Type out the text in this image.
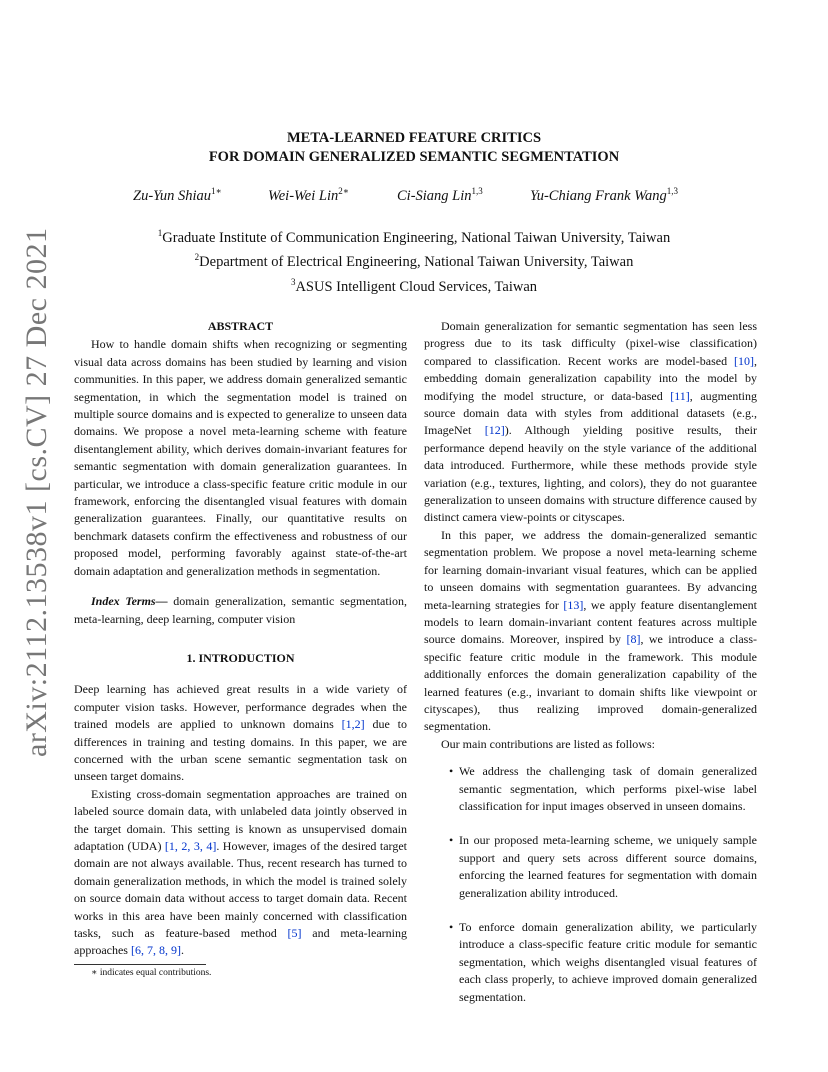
arXiv:2112.13538v1 [cs.CV] 27 Dec 2021
META-LEARNED FEATURE CRITICS
FOR DOMAIN GENERALIZED SEMANTIC SEGMENTATION
Zu-Yun Shiau$^{1∗}$	Wei-Wei Lin$^{2∗}$	Ci-Siang Lin$^{1,3}$	Yu-Chiang Frank Wang$^{1,3}$
$^1$Graduate Institute of Communication Engineering, National Taiwan University, Taiwan
$^2$Department of Electrical Engineering, National Taiwan University, Taiwan
$^3$ASUS Intelligent Cloud Services, Taiwan
ABSTRACT

How to handle domain shifts when recognizing or segmenting visual data across domains has been studied by learning and vision communities. In this paper, we address domain generalized semantic segmentation, in which the segmentation model is trained on multiple source domains and is expected to generalize to unseen data domains. We propose a novel meta-learning scheme with feature disentanglement ability, which derives domain-invariant features for semantic segmentation with domain generalization guarantees. In particular, we introduce a class-specific feature critic module in our framework, enforcing the disentangled visual features with domain generalization guarantees. Finally, our quantitative results on benchmark datasets confirm the effectiveness and robustness of our proposed model, performing favorably against state-of-the-art domain adaptation and generalization methods in segmentation.

Index Terms— domain generalization, semantic segmentation, meta-learning, deep learning, computer vision

1. INTRODUCTION

Deep learning has achieved great results in a wide variety of computer vision tasks. However, performance degrades when the trained models are applied to unknown domains [1,2] due to differences in training and testing domains. In this paper, we are concerned with the urban scene semantic segmentation task on unseen target domains.

Existing cross-domain segmentation approaches are trained on labeled source domain data, with unlabeled data jointly observed in the target domain. This setting is known as unsupervised domain adaptation (UDA) [1, 2, 3, 4]. However, images of the desired target domain are not always available. Thus, recent research has turned to domain generalization methods, in which the model is trained solely on source domain data without access to target domain data. Recent works in this area have been mainly concerned with classification tasks, such as feature-based method [5] and meta-learning approaches [6, 7, 8, 9].

∗ indicates equal contributions.

Domain generalization for semantic segmentation has seen less progress due to its task difficulty (pixel-wise classification) compared to classification. Recent works are model-based [10], embedding domain generalization capability into the model by modifying the model structure, or data-based [11], augmenting source domain data with styles from additional datasets (e.g., ImageNet [12]). Although yielding positive results, their performance depend heavily on the style variance of the additional data introduced. Furthermore, while these methods provide style variation (e.g., textures, lighting, and colors), they do not guarantee generalization to unseen domains with structure difference caused by distinct camera view-points or cityscapes.

In this paper, we address the domain-generalized semantic segmentation problem. We propose a novel meta-learning scheme for learning domain-invariant visual features, which can be applied to unseen domains with segmentation guarantees. By advancing meta-learning strategies for [13], we apply feature disentanglement models to learn domain-invariant content features across multiple source domains. Moreover, inspired by [8], we introduce a class-specific feature critic module in the framework. This module additionally enforces the domain generalization capability of the learned features (e.g., invariant to domain shifts like viewpoint or cityscapes), thus realizing improved domain-generalized segmentation.

Our main contributions are listed as follows:

• We address the challenging task of domain generalized semantic segmentation, which performs pixel-wise label classification for input images observed in unseen domains.
• In our proposed meta-learning scheme, we uniquely sample support and query sets across different source domains, enforcing the learned features for segmentation with domain generalization ability introduced.
• To enforce domain generalization ability, we particularly introduce a class-specific feature critic module for semantic segmentation, which weighs disentangled visual features of each class properly, to achieve improved domain generalized segmentation.
